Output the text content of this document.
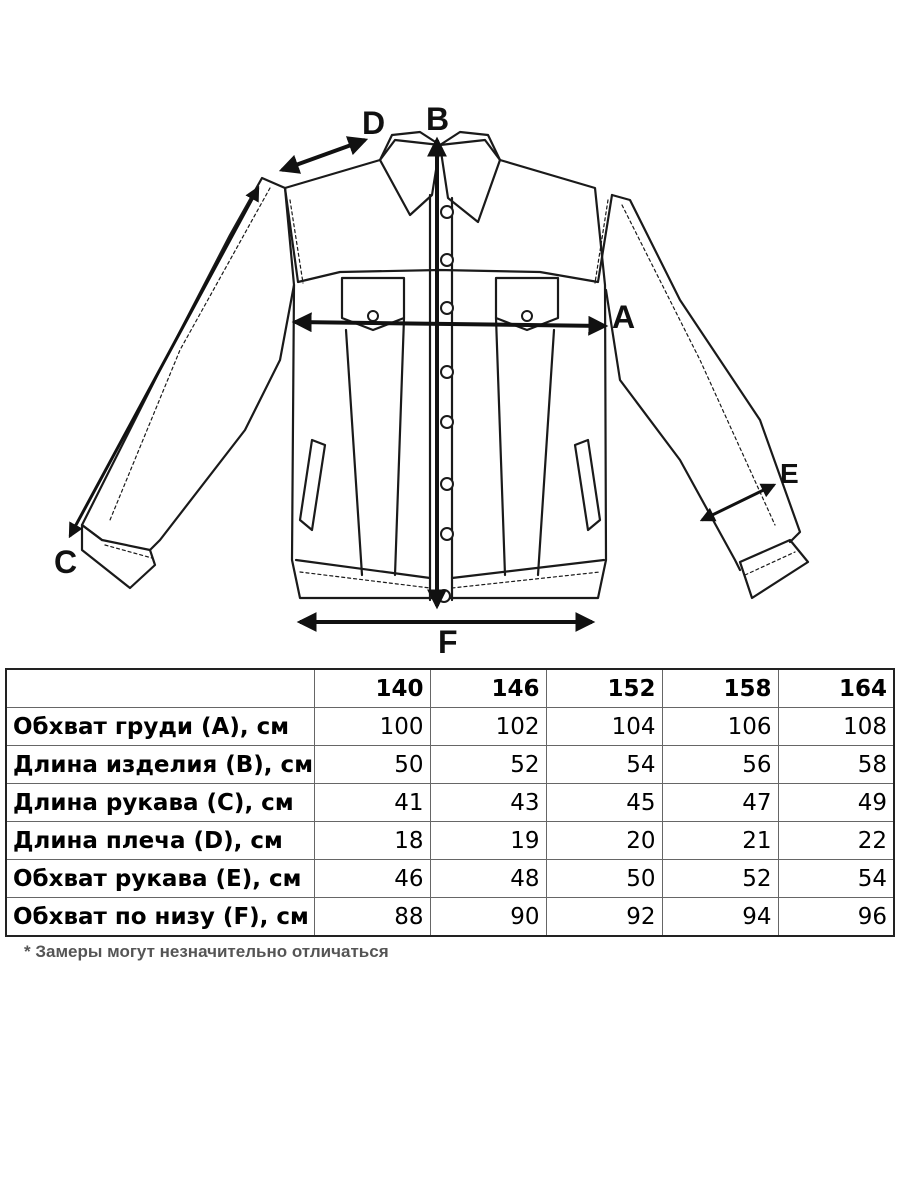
A
B
C
D
E
F
	140	146	152	158	164
Обхват груди (A), см	100	102	104	106	108
Длина изделия (B), см	50	52	54	56	58
Длина рукава (C), см	41	43	45	47	49
Длина плеча (D), см	18	19	20	21	22
Обхват рукава (E), см	46	48	50	52	54
Обхват по низу (F), см	88	90	92	94	96
* Замеры могут незначительно отличаться
